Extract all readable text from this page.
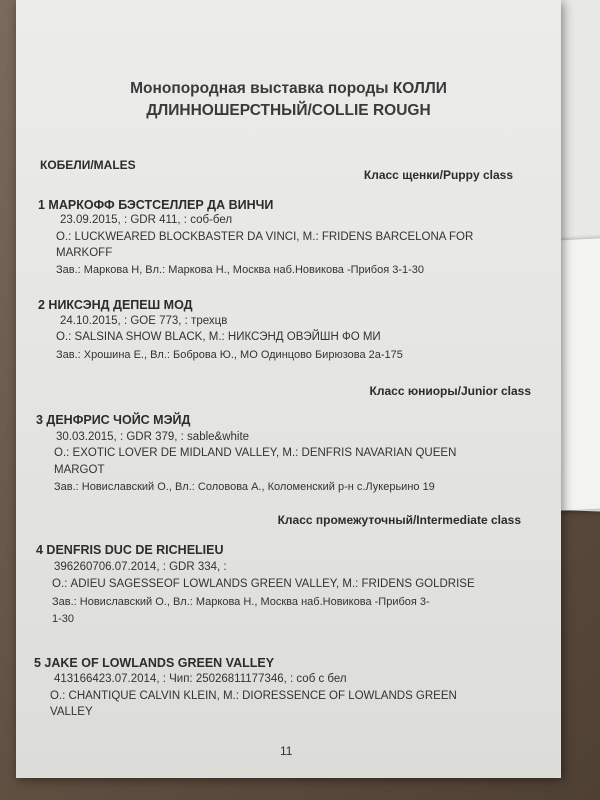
Монопородная выставка породы КОЛЛИ
ДЛИННОШЕРСТНЫЙ/COLLIE ROUGH
КОБЕЛИ/MALES
Класс щенки/Puppy class
1 МАРКОФФ БЭСТСЕЛЛЕР ДА ВИНЧИ
23.09.2015, : GDR 411, : соб-бел
О.: LUCKWEARED BLOCKBASTER DA VINCI, М.: FRIDENS BARCELONA FOR
MARKOFF
Зав.: Маркова Н, Вл.: Маркова Н., Москва наб.Новикова -Прибоя 3-1-30
2 НИКСЭНД ДЕПЕШ МОД
24.10.2015, : GOE 773, : трехцв
О.: SALSINA SHOW BLACK, М.: НИКСЭНД ОВЭЙШН ФО МИ
Зав.: Хрошина Е., Вл.: Боброва Ю., МО Одинцово Бирюзова 2а-175
Класс юниоры/Junior class
3 ДЕНФРИС ЧОЙС МЭЙД
30.03.2015, : GDR 379, : sable&white
О.: EXOTIC LOVER DE MIDLAND VALLEY, М.: DENFRIS NAVARIAN QUEEN
MARGOT
Зав.: Новиславский О., Вл.: Соловова А., Коломенский р-н с.Лукерьино 19
Класс промежуточный/Intermediate class
4 DENFRIS DUC DE RICHELIEU
396260706.07.2014, : GDR 334, :
О.: ADIEU SAGESSEOF LOWLANDS GREEN VALLEY, М.: FRIDENS GOLDRISE
Зав.: Новиславский О., Вл.: Маркова Н., Москва наб.Новикова -Прибоя 3-
1-30
5 JAKE OF LOWLANDS GREEN VALLEY
413166423.07.2014, : Чип: 25026811177346, : соб с бел
О.: CHANTIQUE CALVIN KLEIN, М.: DIORESSENCE OF LOWLANDS GREEN
VALLEY
11
